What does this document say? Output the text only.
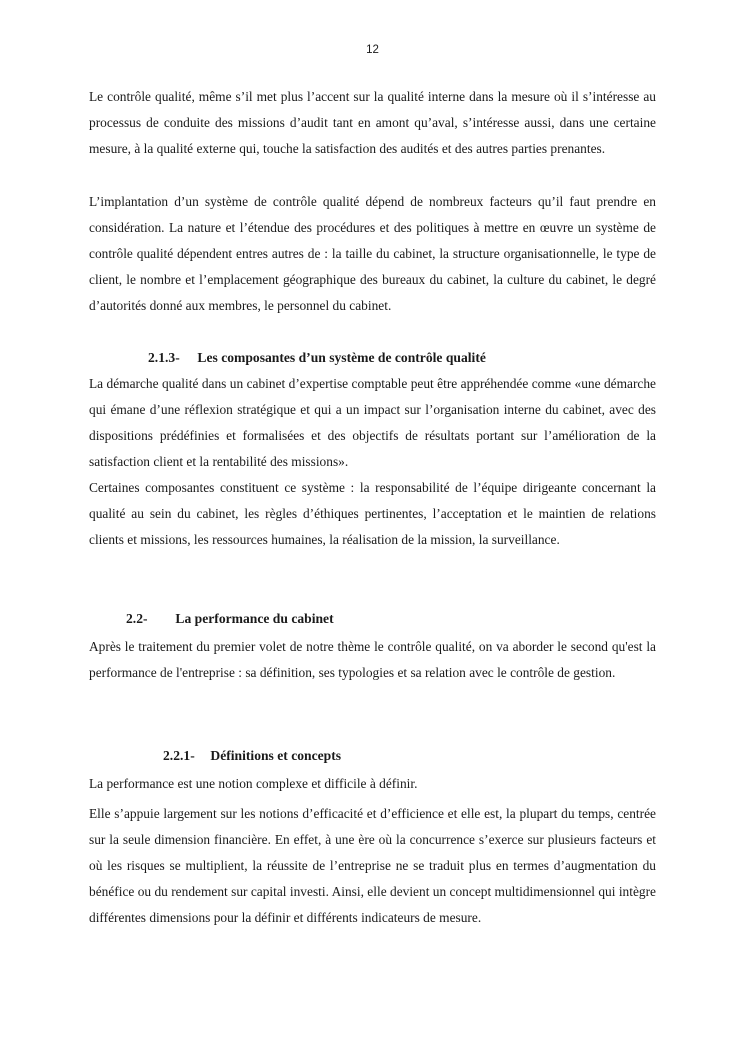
12

Le contrôle qualité, même s’il met plus l’accent sur la qualité interne dans la mesure où il s’intéresse au processus de conduite des missions d’audit tant en amont qu’aval, s’intéresse aussi, dans une certaine mesure, à la qualité externe qui, touche la satisfaction des audités et des autres parties prenantes.

L’implantation d’un système de contrôle qualité dépend de nombreux facteurs qu’il faut prendre en considération. La nature et l’étendue des procédures et des politiques à mettre en œuvre un système de contrôle qualité dépendent entres autres de : la taille du cabinet, la structure organisationnelle, le type de client, le nombre et l’emplacement géographique des bureaux du cabinet, la culture du cabinet, le degré d’autorités donné aux membres, le personnel du cabinet.

2.1.3- Les composantes d’un système de contrôle qualité

La démarche qualité dans un cabinet d’expertise comptable peut être appréhendée comme «une démarche qui émane d’une réflexion stratégique et qui a un impact sur l’organisation interne du cabinet, avec des dispositions prédéfinies et formalisées et des objectifs de résultats portant sur l’amélioration de la satisfaction client et la rentabilité des missions».

Certaines composantes constituent ce système : la responsabilité de l’équipe dirigeante concernant la qualité au sein du cabinet, les règles d’éthiques pertinentes, l’acceptation et le maintien de relations clients et missions, les ressources humaines, la réalisation de la mission, la surveillance.

2.2- La performance du cabinet

Après le traitement du premier volet de notre thème le contrôle qualité, on va aborder le second qu'est la performance de l'entreprise : sa définition, ses typologies et sa relation avec le contrôle de gestion.

2.2.1- Définitions et concepts

La performance est une notion complexe et difficile à définir.

Elle s’appuie largement sur les notions d’efficacité et d’efficience et elle est, la plupart du temps, centrée sur la seule dimension financière. En effet, à une ère où la concurrence s’exerce sur plusieurs facteurs et où les risques se multiplient, la réussite de l’entreprise ne se traduit plus en termes d’augmentation du bénéfice ou du rendement sur capital investi. Ainsi, elle devient un concept multidimensionnel qui intègre différentes dimensions pour la définir et différents indicateurs de mesure.
